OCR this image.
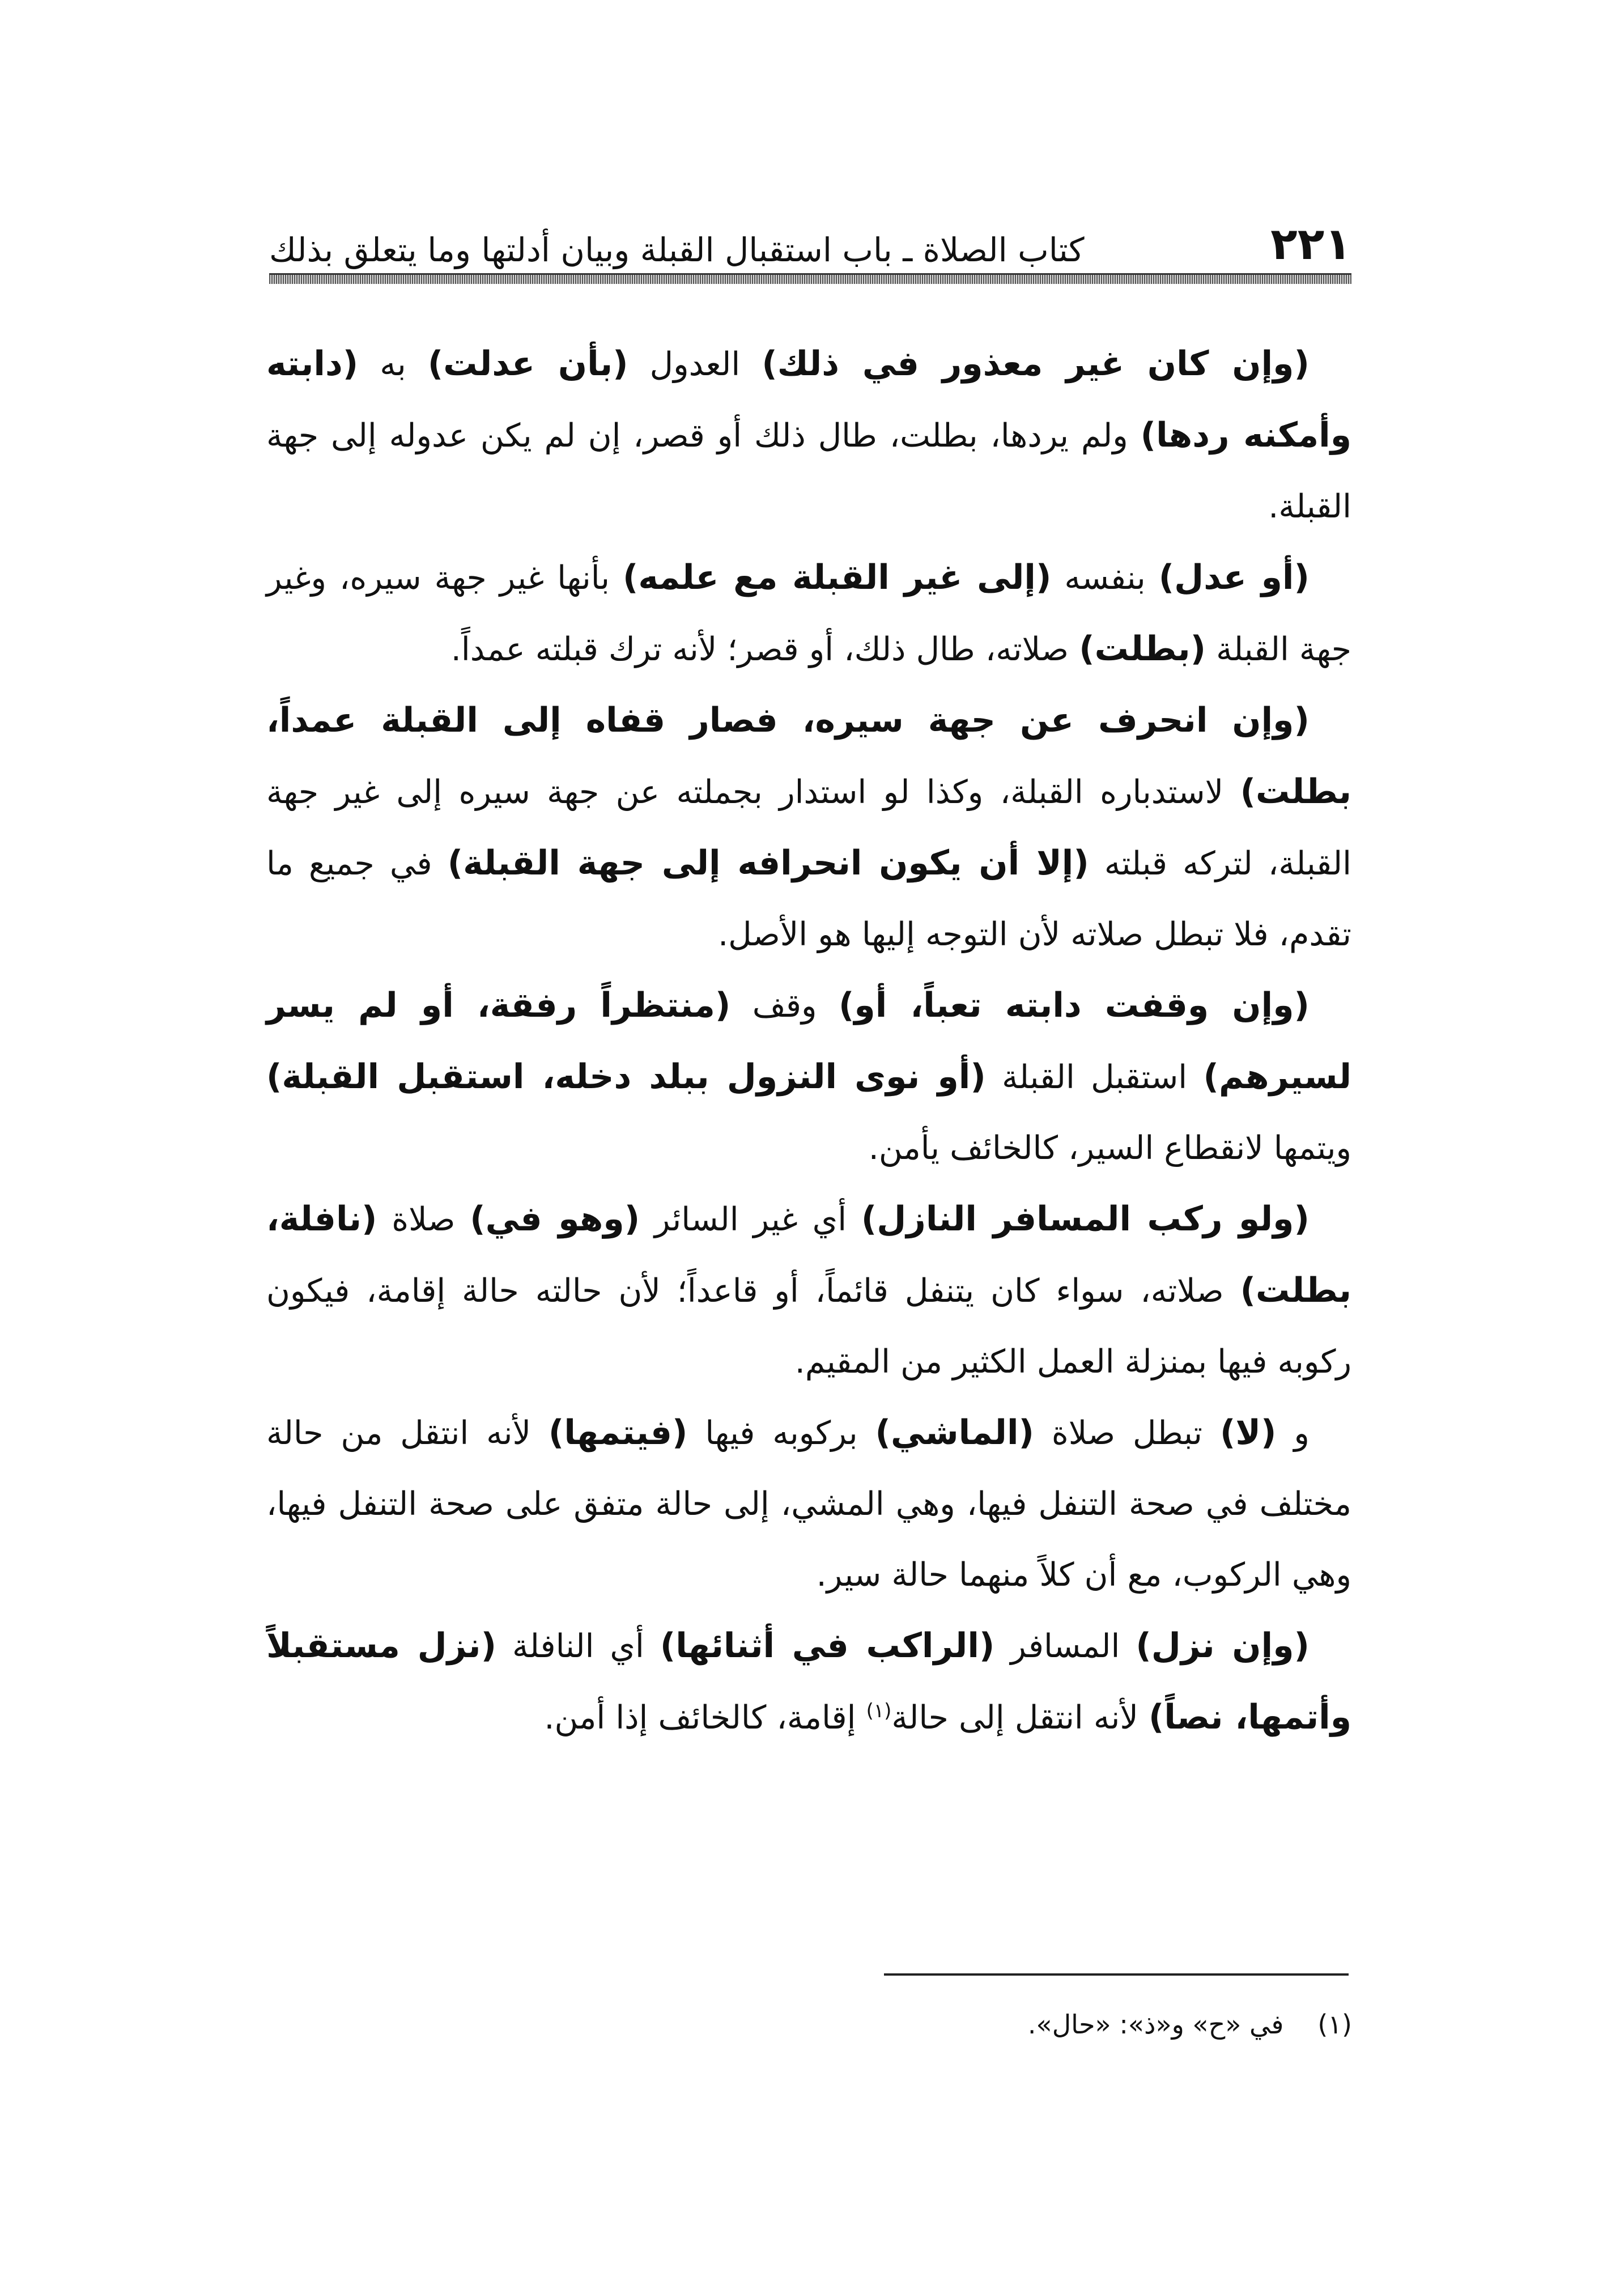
٢٢١
كتاب الصلاة ـ باب استقبال القبلة وبيان أدلتها وما يتعلق بذلك

(وإن كان غير معذور في ذلك) العدول (بأن عدلت) به (دابته وأمكنه ردها) ولم يردها، بطلت، طال ذلك أو قصر، إن لم يكن عدوله إلى جهة القبلة.

(أو عدل) بنفسه (إلى غير القبلة مع علمه) بأنها غير جهة سيره، وغير جهة القبلة (بطلت) صلاته، طال ذلك، أو قصر؛ لأنه ترك قبلته عمداً.

(وإن انحرف عن جهة سيره، فصار قفاه إلى القبلة عمداً، بطلت) لاستدباره القبلة، وكذا لو استدار بجملته عن جهة سيره إلى غير جهة القبلة، لتركه قبلته (إلا أن يكون انحرافه إلى جهة القبلة) في جميع ما تقدم، فلا تبطل صلاته لأن التوجه إليها هو الأصل.

(وإن وقفت دابته تعباً، أو) وقف (منتظراً رفقة، أو لم يسر لسيرهم) استقبل القبلة (أو نوى النزول ببلد دخله، استقبل القبلة) ويتمها لانقطاع السير، كالخائف يأمن.

(ولو ركب المسافر النازل) أي غير السائر (وهو في) صلاة (نافلة، بطلت) صلاته، سواء كان يتنفل قائماً، أو قاعداً؛ لأن حالته حالة إقامة، فيكون ركوبه فيها بمنزلة العمل الكثير من المقيم.

و (لا) تبطل صلاة (الماشي) بركوبه فيها (فيتمها) لأنه انتقل من حالة مختلف في صحة التنفل فيها، وهي المشي، إلى حالة متفق على صحة التنفل فيها، وهي الركوب، مع أن كلاً منهما حالة سير.

(وإن نزل) المسافر (الراكب في أثنائها) أي النافلة (نزل مستقبلاً وأتمها، نصاً) لأنه انتقل إلى حالة$^{(١)}$ إقامة، كالخائف إذا أمن.

(١)
في «ح» و«ذ»: «حال».
